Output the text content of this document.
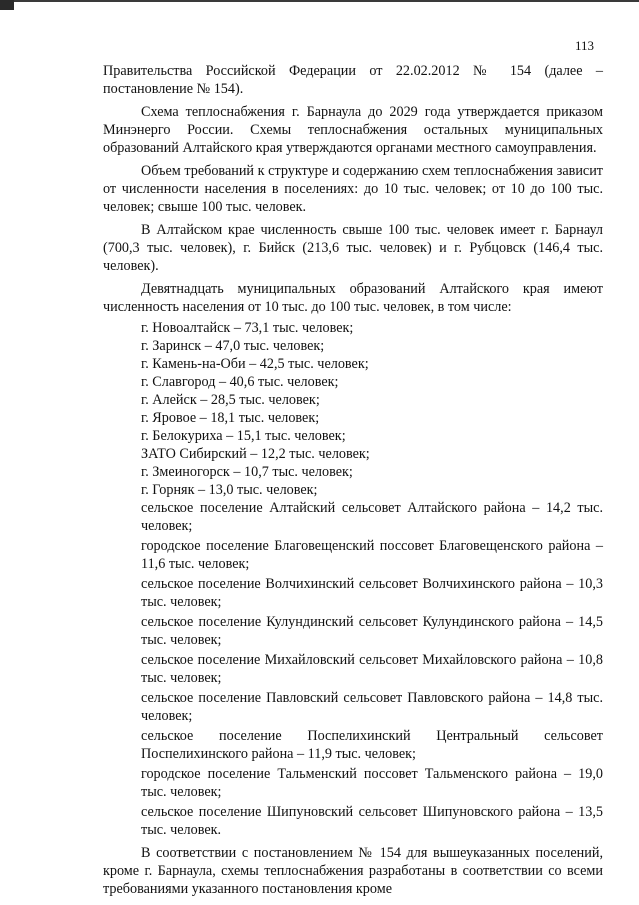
113

Правительства Российской Федерации от 22.02.2012 № 154 (далее – постановление № 154).

Схема теплоснабжения г. Барнаула до 2029 года утверждается приказом Минэнерго России. Схемы теплоснабжения остальных муниципальных образований Алтайского края утверждаются органами местного самоуправления.

Объем требований к структуре и содержанию схем теплоснабжения зависит от численности населения в поселениях: до 10 тыс. человек; от 10 до 100 тыс. человек; свыше 100 тыс. человек.

В Алтайском крае численность свыше 100 тыс. человек имеет г. Барнаул (700,3 тыс. человек), г. Бийск (213,6 тыс. человек) и г. Рубцовск (146,4 тыс. человек).

Девятнадцать муниципальных образований Алтайского края имеют численность населения от 10 тыс. до 100 тыс. человек, в том числе:

г. Новоалтайск – 73,1 тыс. человек;
г. Заринск – 47,0 тыс. человек;
г. Камень-на-Оби – 42,5 тыс. человек;
г. Славгород – 40,6 тыс. человек;
г. Алейск – 28,5 тыс. человек;
г. Яровое – 18,1 тыс. человек;
г. Белокуриха – 15,1 тыс. человек;
ЗАТО Сибирский – 12,2 тыс. человек;
г. Змеиногорск – 10,7 тыс. человек;
г. Горняк – 13,0 тыс. человек;
сельское поселение Алтайский сельсовет Алтайского района – 14,2 тыс. человек;
городское поселение Благовещенский поссовет Благовещенского района – 11,6 тыс. человек;
сельское поселение Волчихинский сельсовет Волчихинского района – 10,3 тыс. человек;
сельское поселение Кулундинский сельсовет Кулундинского района – 14,5 тыс. человек;
сельское поселение Михайловский сельсовет Михайловского района – 10,8 тыс. человек;
сельское поселение Павловский сельсовет Павловского района – 14,8 тыс. человек;
сельское поселение Поспелихинский Центральный сельсовет Поспелихинского района – 11,9 тыс. человек;
городское поселение Тальменский поссовет Тальменского района – 19,0 тыс. человек;
сельское поселение Шипуновский сельсовет Шипуновского района – 13,5 тыс. человек.

В соответствии с постановлением № 154 для вышеуказанных поселений, кроме г. Барнаула, схемы теплоснабжения разработаны в соответствии со всеми требованиями указанного постановления кроме
